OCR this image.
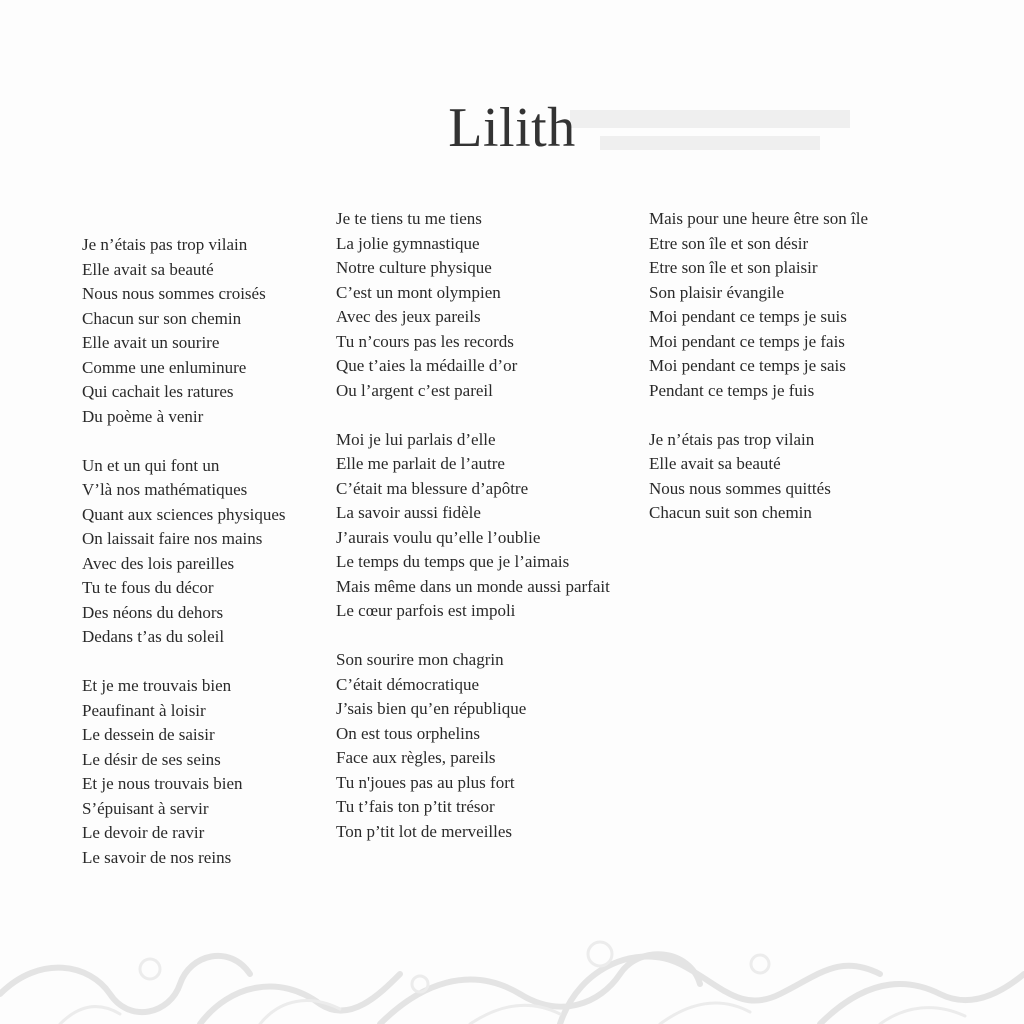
Lilith
Je n’étais pas trop vilain
Elle avait sa beauté
Nous nous sommes croisés
Chacun sur son chemin
Elle avait un sourire
Comme une enluminure
Qui cachait les ratures
Du poème à venir
Un et un qui font un
V’là nos mathématiques
Quant aux sciences physiques
On laissait faire nos mains
Avec des lois pareilles
Tu te fous du décor
Des néons du dehors
Dedans t’as du soleil
Et je me trouvais bien
Peaufinant à loisir
Le dessein de saisir
Le désir de ses seins
Et je nous trouvais bien
S’épuisant à servir
Le devoir de ravir
Le savoir de nos reins
Je te tiens tu me tiens
La jolie gymnastique
Notre culture physique
C’est un mont olympien
Avec des jeux pareils
Tu n’cours pas les records
Que t’aies la médaille d’or
Ou l’argent c’est pareil
Moi je lui parlais d’elle
Elle me parlait de l’autre
C’était ma blessure d’apôtre
La savoir aussi fidèle
J’aurais voulu qu’elle l’oublie
Le temps du temps que je l’aimais
Mais même dans un monde aussi parfait
Le cœur parfois est impoli
Son sourire mon chagrin
C’était démocratique
J’sais bien qu’en république
On est tous orphelins
Face aux règles, pareils
Tu n'joues pas au plus fort
Tu t’fais ton p’tit trésor
Ton p’tit lot de merveilles
Mais pour une heure être son île
Etre son île et son désir
Etre son île et son plaisir
Son plaisir évangile
Moi pendant ce temps je suis
Moi pendant ce temps je fais
Moi pendant ce temps je sais
Pendant ce temps je fuis
Je n’étais pas trop vilain
Elle avait sa beauté
Nous nous sommes quittés
Chacun suit son chemin
